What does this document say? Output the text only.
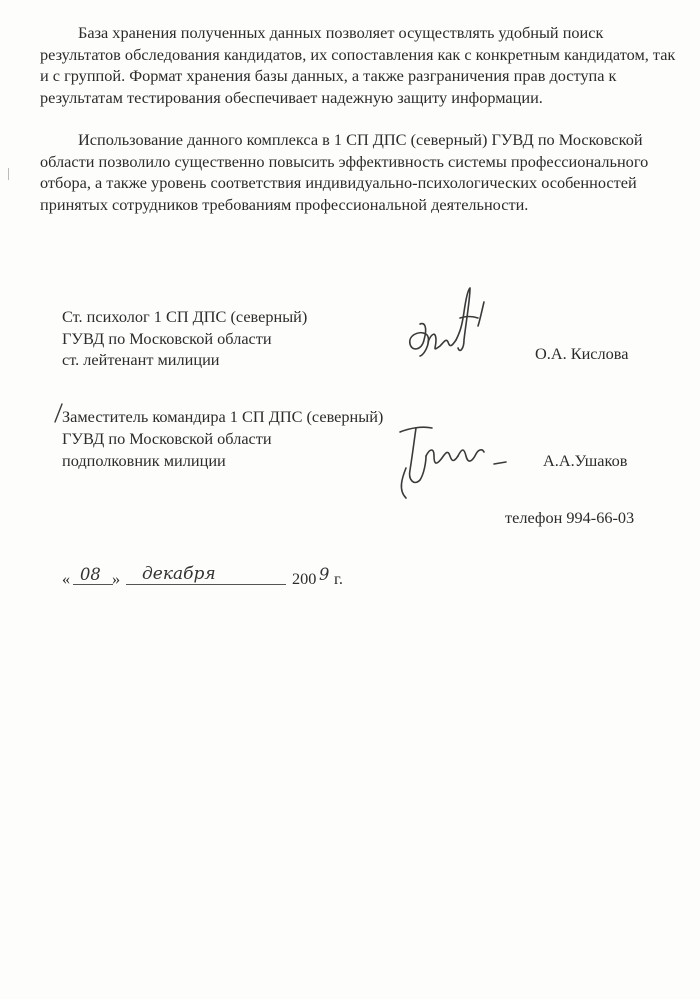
База хранения полученных данных позволяет осуществлять удобный поиск результатов обследования кандидатов, их сопоставления как с конкретным кандидатом, так и с группой. Формат хранения базы данных, а также разграничения прав доступа к результатам тестирования обеспечивает надежную защиту информации.

Использование данного комплекса в 1 СП ДПС (северный) ГУВД по Московской области позволило существенно повысить эффективность системы профессионального отбора, а также уровень соответствия индивидуально-психологических особенностей принятых сотрудников требованиям профессиональной деятельности.

Ст. психолог 1 СП ДПС (северный)
ГУВД по Московской области
ст. лейтенант милиции	О.А. Кислова
Заместитель командира 1 СП ДПС (северный)
ГУВД по Московской области
подполковник милиции	А.А.Ушаков
телефон 994-66-03
« 08 » декабря	200 9 г.
